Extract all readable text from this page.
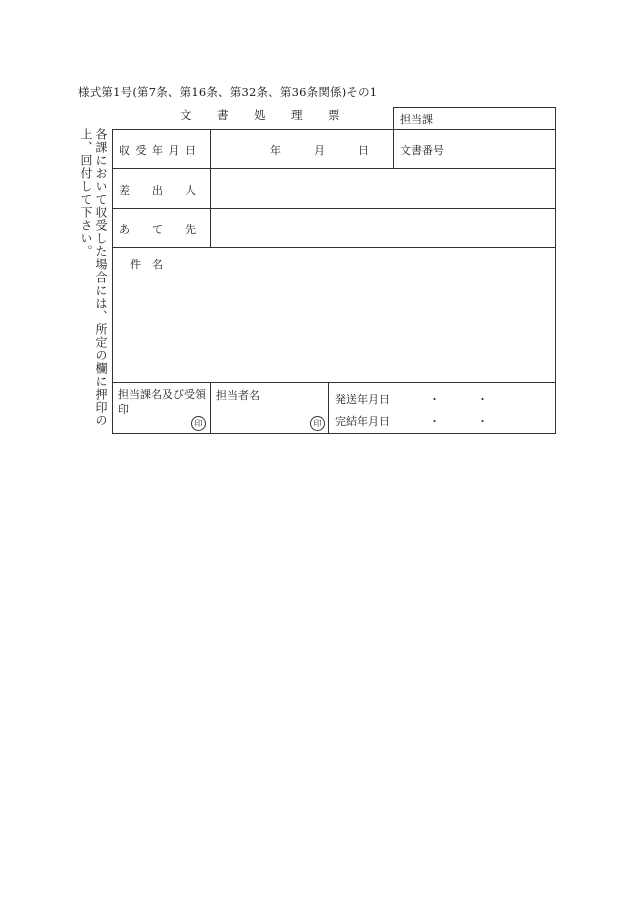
様式第1号(第7条、第16条、第32条、第36条関係)その1
文　書　処　理　票
各課において収受した場合には、所定の欄に押印の上、回付して下さい。
担当課
収 受 年 月 日	年　　　月　　　日	文書番号
差　　出　　人
あ　　て　　先
件　名
担当課名及び受領印
印
担当者名
印
発送年月日	・	・
完結年月日	・	・
